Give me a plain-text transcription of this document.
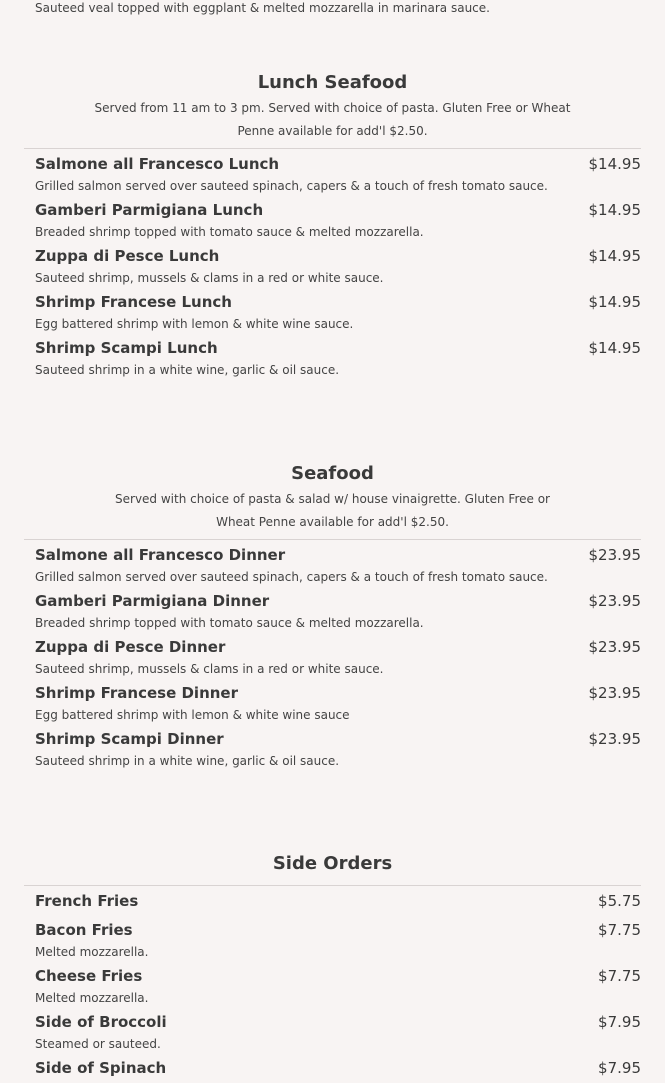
Sauteed veal topped with eggplant & melted mozzarella in marinara sauce.
Lunch Seafood
Served from 11 am to 3 pm. Served with choice of pasta. Gluten Free or Wheat Penne available for add'l $2.50.
Salmone all Francesco Lunch	$14.95
Grilled salmon served over sauteed spinach, capers & a touch of fresh tomato sauce.
Gamberi Parmigiana Lunch	$14.95
Breaded shrimp topped with tomato sauce & melted mozzarella.
Zuppa di Pesce Lunch	$14.95
Sauteed shrimp, mussels & clams in a red or white sauce.
Shrimp Francese Lunch	$14.95
Egg battered shrimp with lemon & white wine sauce.
Shrimp Scampi Lunch	$14.95
Sauteed shrimp in a white wine, garlic & oil sauce.
Seafood
Served with choice of pasta & salad w/ house vinaigrette. Gluten Free or Wheat Penne available for add'l $2.50.
Salmone all Francesco Dinner	$23.95
Grilled salmon served over sauteed spinach, capers & a touch of fresh tomato sauce.
Gamberi Parmigiana Dinner	$23.95
Breaded shrimp topped with tomato sauce & melted mozzarella.
Zuppa di Pesce Dinner	$23.95
Sauteed shrimp, mussels & clams in a red or white sauce.
Shrimp Francese Dinner	$23.95
Egg battered shrimp with lemon & white wine sauce
Shrimp Scampi Dinner	$23.95
Sauteed shrimp in a white wine, garlic & oil sauce.
Side Orders
French Fries	$5.75
Bacon Fries	$7.75
Melted mozzarella.
Cheese Fries	$7.75
Melted mozzarella.
Side of Broccoli	$7.95
Steamed or sauteed.
Side of Spinach	$7.95
